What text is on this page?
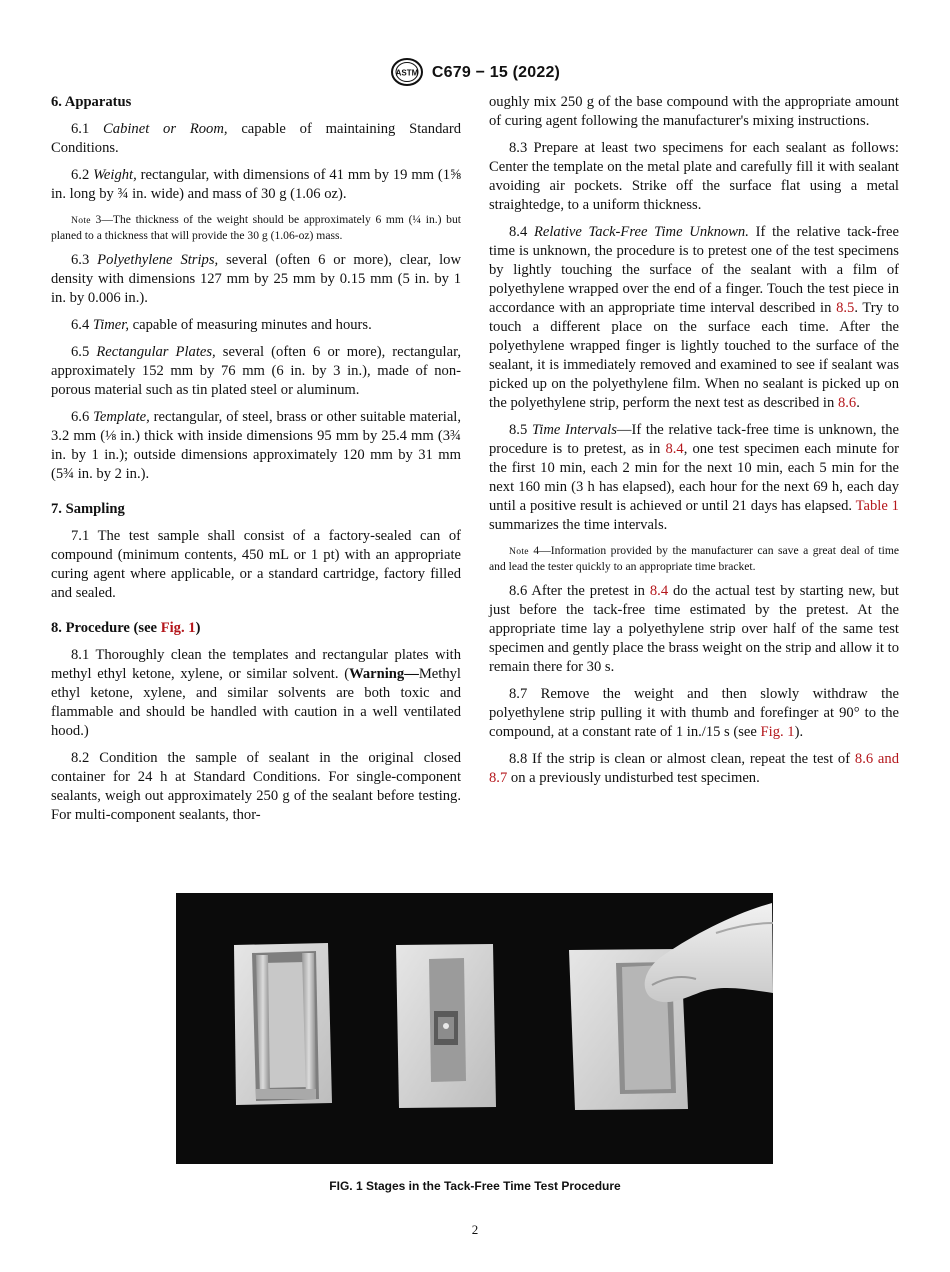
ASTM C679 − 15 (2022)
6. Apparatus

6.1 Cabinet or Room, capable of maintaining Standard Conditions.

6.2 Weight, rectangular, with dimensions of 41 mm by 19 mm (1⅝ in. long by ¾ in. wide) and mass of 30 g (1.06 oz).

Note 3—The thickness of the weight should be approximately 6 mm (¼ in.) but planed to a thickness that will provide the 30 g (1.06-oz) mass.

6.3 Polyethylene Strips, several (often 6 or more), clear, low density with dimensions 127 mm by 25 mm by 0.15 mm (5 in. by 1 in. by 0.006 in.).

6.4 Timer, capable of measuring minutes and hours.

6.5 Rectangular Plates, several (often 6 or more), rectangular, approximately 152 mm by 76 mm (6 in. by 3 in.), made of non-porous material such as tin plated steel or aluminum.

6.6 Template, rectangular, of steel, brass or other suitable material, 3.2 mm (⅛ in.) thick with inside dimensions 95 mm by 25.4 mm (3¾ in. by 1 in.); outside dimensions approximately 120 mm by 31 mm (5¾ in. by 2 in.).

7. Sampling

7.1 The test sample shall consist of a factory-sealed can of compound (minimum contents, 450 mL or 1 pt) with an appropriate curing agent where applicable, or a standard cartridge, factory filled and sealed.

8. Procedure (see Fig. 1)

8.1 Thoroughly clean the templates and rectangular plates with methyl ethyl ketone, xylene, or similar solvent. (Warning—Methyl ethyl ketone, xylene, and similar solvents are both toxic and flammable and should be handled with caution in a well ventilated hood.)

8.2 Condition the sample of sealant in the original closed container for 24 h at Standard Conditions. For single-component sealants, weigh out approximately 250 g of the sealant before testing. For multi-component sealants, thor-

oughly mix 250 g of the base compound with the appropriate amount of curing agent following the manufacturer's mixing instructions.

8.3 Prepare at least two specimens for each sealant as follows: Center the template on the metal plate and carefully fill it with sealant avoiding air pockets. Strike off the surface flat using a metal straightedge, to a uniform thickness.

8.4 Relative Tack-Free Time Unknown. If the relative tack-free time is unknown, the procedure is to pretest one of the test specimens by lightly touching the surface of the sealant with a film of polyethylene wrapped over the end of a finger. Touch the test piece in accordance with an appropriate time interval described in 8.5. Try to touch a different place on the surface each time. After the polyethylene wrapped finger is lightly touched to the surface of the sealant, it is immediately removed and examined to see if sealant was picked up on the polyethylene film. When no sealant is picked up on the polyethylene strip, perform the next test as described in 8.6.

8.5 Time Intervals—If the relative tack-free time is unknown, the procedure is to pretest, as in 8.4, one test specimen each minute for the first 10 min, each 2 min for the next 10 min, each 5 min for the next 160 min (3 h has elapsed), each hour for the next 69 h, each day until a positive result is achieved or until 21 days has elapsed. Table 1 summarizes the time intervals.

Note 4—Information provided by the manufacturer can save a great deal of time and lead the tester quickly to an appropriate time bracket.

8.6 After the pretest in 8.4 do the actual test by starting new, but just before the tack-free time estimated by the pretest. At the appropriate time lay a polyethylene strip over half of the same test specimen and gently place the brass weight on the strip and allow it to remain there for 30 s.

8.7 Remove the weight and then slowly withdraw the polyethylene strip pulling it with thumb and forefinger at 90° to the compound, at a constant rate of 1 in./15 s (see Fig. 1).

8.8 If the strip is clean or almost clean, repeat the test of 8.6 and 8.7 on a previously undisturbed test specimen.

FIG. 1 Stages in the Tack-Free Time Test Procedure
2
